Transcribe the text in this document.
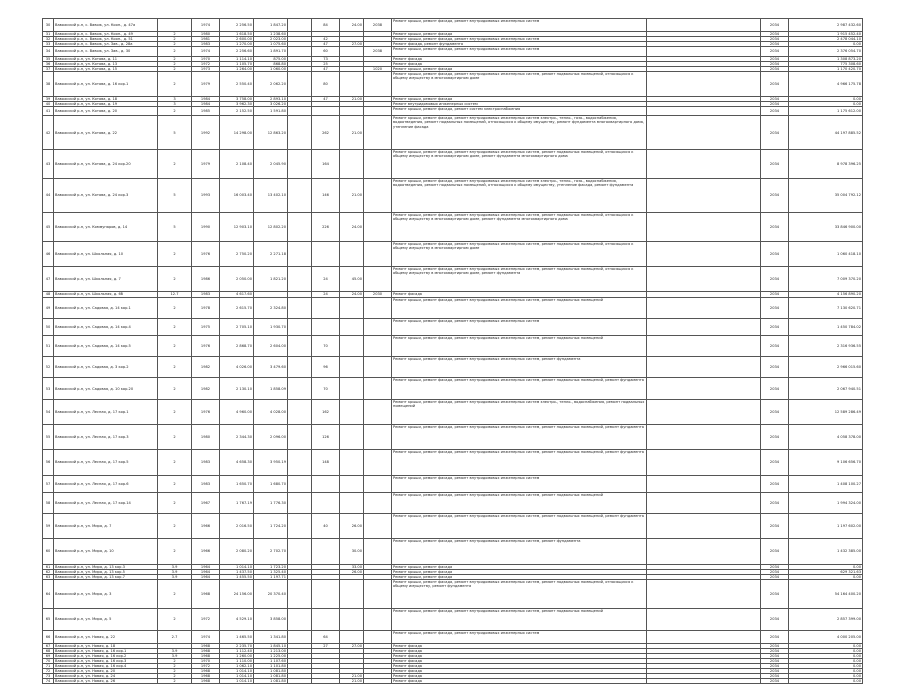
30	Вавожский р-н, с. Вавож, ул. Кооп., д. 47а		1974	2 256.50	1 847.20		84	24.00	2038	Ремонт крыши, ремонт фасада, ремонт внутридомовых инженерных систем		2034	2 987 432.60
31	Вавожский р-н, с. Вавож, ул. Кооп., д. 49	2	1980	1 618.50	1 238.60					Ремонт крыши, ремонт фасада		2034	1 915 452.40
32	Вавожский р-н, с. Вавож, ул. Кооп., д. 51	2	1981	2 600.00	2 023.00		42			Ремонт крыши, ремонт фасада, ремонт внутридомовых инженерных систем		2034	2 478 044.10
33	Вавожский р-н, с. Вавож, ул. Зав., д. 28а	2	1983	1 270.00	1 075.60		47	27.00		Ремонт фасада, ремонт фундамента		2034	0.00
34	Вавожский р-н, с. Вавож, ул. Зав., д. 30	2	1974	2 256.60	1 891.70		60		2038	Ремонт крыши, ремонт фасада, ремонт внутридомовых инженерных систем		2034	2 376 054.70
35	Вавожский р-н, ул. Котова, д. 11	2	1970	1 114.10	875.00		73			Ремонт фасада		2034	1 308 873.20
36	Вавожский р-н, ул. Котова, д. 13	2	1972	1 105.70	868.80		25			Ремонт фасада		2034	775 308.60
37	Вавожский р-н, ул. Котова, д. 15	2	1973	1 264.00	1 060.00		47		1020	Ремонт крыши, ремонт фасада		2034	1 170 420.70
38	Вавожский р-н, ул. Котова, д. 16 кор.1	2	1979	2 550.40	2 062.20		80			Ремонт крыши, ремонт фасада, ремонт внутридомовых инженерных систем, ремонт подвальных помещений, относящихся к общему имуществу в многоквартирном доме		2034	4 966 175.78
39	Вавожский р-н, ул. Котова, д. 18	3	1984	3 758.00	2 893.10		47	21.00		Ремонт крыши, ремонт фасада		2034	0.00
40	Вавожский р-н, ул. Котова, д. 19	3	1984	3 962.30	3 026.20					Ремонт внутридомовых инженерных систем		2034	0.00
41	Вавожский р-н, ул. Котова, д. 20	2	1985	2 152.50	1 591.80					Ремонт крыши, ремонт фасада, ремонт систем электроснабжения		2034	1 175 612.00
42	Вавожский р-н, ул. Котова, д. 22	5	1992	14 298.00	12 863.20		262	21.00		Ремонт крыши, ремонт фасада, ремонт внутридомовых инженерных систем электро-, тепло-, газо-, водоснабжения, водоотведения, ремонт подвальных помещений, относящихся к общему имуществу, ремонт фундамента многоквартирного дома, утепление фасада		2034	44 197 885.52
43	Вавожский р-н, ул. Котова, д. 24 кор.20	2	1979	2 108.40	2 045.90		164			Ремонт крыши, ремонт фасада, ремонт внутридомовых инженерных систем, ремонт подвальных помещений, относящихся к общему имуществу в многоквартирном доме, ремонт фундамента многоквартирного дома		2034	8 978 396.25
44	Вавожский р-н, ул. Котова, д. 24 кор.3	5	1993	16 003.40	13 402.10		146	21.00		Ремонт крыши, ремонт фасада, ремонт внутридомовых инженерных систем электро-, тепло-, газо-, водоснабжения, водоотведения, ремонт подвальных помещений, относящихся к общему имуществу, утепление фасада, ремонт фундамента		2034	35 004 792.12
45	Вавожский р-н, ул. Коммунаров, д. 14	5	1990	12 903.10	12 802.20		226	24.00		Ремонт крыши, ремонт фасада, ремонт внутридомовых инженерных систем, ремонт подвальных помещений, относящихся к общему имуществу в многоквартирном доме, ремонт фундамента многоквартирного дома		2034	33 846 900.00
46	Вавожский р-н, ул. Школьная, д. 10	2	1976	2 750.20	2 271.18					Ремонт крыши, ремонт фасада, ремонт внутридомовых инженерных систем, ремонт подвальных помещений, относящихся к общему имуществу в многоквартирном доме		2034	1 060 418.10
47	Вавожский р-н, ул. Школьная, д. 7	2	1986	2 050.00	1 821.20		24	45.00		Ремонт крыши, ремонт фасада, ремонт внутридомовых инженерных систем, ремонт подвальных помещений, относящихся к общему имуществу в многоквартирном доме, ремонт фундамента		2034	7 009 370.20
48	Вавожский р-н, ул. Школьная, д. 6б	12.7	1983	4 617.60			24	24.00	2030	Ремонт фасада		2034	4 156 890.20
49	Вавожский р-н, ул. Садовая, д. 14 кор.1	2	1978	2 615.70	2 324.80					Ремонт крыши, ремонт фасада, ремонт внутридомовых инженерных систем, ремонт подвальных помещений		2034	7 130 620.71
50	Вавожский р-н, ул. Садовая, д. 14 кор.4	2	1975	2 705.10	1 930.70					Ремонт крыши, ремонт фасада, ремонт внутридомовых инженерных систем		2034	1 450 784.02
51	Вавожский р-н, ул. Садовая, д. 14 кор.5	2	1976	2 868.70	2 604.00		70			Ремонт крыши, ремонт фасада, ремонт внутридомовых инженерных систем, ремонт подвальных помещений		2034	2 316 936.55
52	Вавожский р-н, ул. Садовая, д. 3 кор.2	2	1982	4 026.00	3 479.60		96			Ремонт крыши, ремонт фасада, ремонт внутридомовых инженерных систем, ремонт фундамента		2034	2 966 015.60
53	Вавожский р-н, ул. Садовая, д. 10 кор.20	2	1982	2 130.10	1 858.09		70			Ремонт крыши, ремонт фасада, ремонт внутридомовых инженерных систем, ремонт подвальных помещений, ремонт фундамента		2034	2 067 940.51
54	Вавожский р-н, ул. Лесная, д. 17 кор.1	2	1976	4 960.00	4 028.00		162			Ремонт крыши, ремонт фасада, ремонт внутридомовых инженерных систем электро-, тепло-, водоснабжения, ремонт подвальных помещений		2034	12 589 286.49
55	Вавожский р-н, ул. Лесная, д. 17 кор.3	2	1980	2 344.30	2 096.00		126			Ремонт крыши, ремонт фасада, ремонт внутридомовых инженерных систем, ремонт подвальных помещений, ремонт фундамента		2034	4 058 378.00
56	Вавожский р-н, ул. Лесная, д. 17 кор.5	2	1983	4 658.30	3 950.19		148			Ремонт крыши, ремонт фасада, ремонт внутридомовых инженерных систем, ремонт подвальных помещений, ремонт фундамента		2034	9 106 656.70
57	Вавожский р-н, ул. Лесная, д. 17 кор.6	2	1983	1 650.70	1 680.70					Ремонт крыши, ремонт фасада, ремонт внутридомовых инженерных систем		2034	1 408 100.27
58	Вавожский р-н, ул. Лесная, д. 17 кор.14	2	1967	1 767.19	1 776.30					Ремонт крыши, ремонт фасада, ремонт внутридомовых инженерных систем, ремонт подвальных помещений		2034	1 994 324.00
59	Вавожский р-н, ул. Мира, д. 7	2	1966	2 016.50	1 724.20		40	26.00		Ремонт крыши, ремонт фасада, ремонт внутридомовых инженерных систем, ремонт подвальных помещений, ремонт фундамента		2034	1 197 602.00
60	Вавожский р-н, ул. Мира, д. 10	2	1966	2 080.20	2 702.70			30.00		Ремонт крыши, ремонт фасада, ремонт внутридомовых инженерных систем, ремонт фундамента		2034	1 432 385.00
61	Вавожский р-н, ул. Мира, д. 13 кор.3	3.9	1964	1 014.10	1 723.20			33.00		Ремонт крыши, ремонт фасада		2034	0.00
62	Вавожский р-н, ул. Мира, д. 13 кор.5	3.9	1964	1 437.50	1 325.40			26.00		Ремонт крыши, ремонт фасада		2034	629 321.63
63	Вавожский р-н, ул. Мира, д. 13 кор.7	3.9	1964	1 455.50	1 197.71					Ремонт крыши, ремонт фасада		2034	0.00
64	Вавожский р-н, ул. Мира, д. 3	2	1968	24 156.00	20 370.40					Ремонт крыши, ремонт фасада, ремонт внутридомовых инженерных систем, ремонт подвальных помещений, относящихся к общему имуществу, ремонт фундамента		2034	54 164 400.20
65	Вавожский р-н, ул. Мира, д. 5	2	1972	4 529.10	3 858.00					Ремонт крыши, ремонт фасада, ремонт внутридомовых инженерных систем, ремонт подвальных помещений		2034	2 857 399.00
66	Вавожский р-н, ул. Новая, д. 22	2.7	1974	1 465.50	1 341.80		64			Ремонт крыши, ремонт фасада, ремонт внутридомовых инженерных систем		2034	4 000 205.00
67	Вавожский р-н, ул. Новая, д. 18		1968	2 235.70	1 845.10		27	27.00		Ремонт фасада		2034	0.00
68	Вавожский р-н, ул. Новая, д. 16 кор.1	3.9	1968	1 112.40	1 213.00					Ремонт фасада		2034	0.00
69	Вавожский р-н, ул. Новая, д. 16 кор.2	3.9	1968	1 260.00	1 225.00					Ремонт фасада		2034	0.00
70	Вавожский р-н, ул. Новая, д. 16 кор.3	2	1970	1 110.00	1 107.60					Ремонт фасада		2034	0.00
71	Вавожский р-н, ул. Новая, д. 16 кор.4	2	1972	1 062.10	1 101.80					Ремонт фасада		2034	0.00
72	Вавожский р-н, ул. Новая, д. 20	2	1968	1 014.10	1 081.80					Ремонт фасада		2034	0.00
73	Вавожский р-н, ул. Новая, д. 24	2	1968	1 014.10	1 081.80			21.00		Ремонт фасада		2034	0.00
74	Вавожский р-н, ул. Новая, д. 26	2	1968	1 014.10	1 081.80			21.00		Ремонт фасада		2034	0.00
